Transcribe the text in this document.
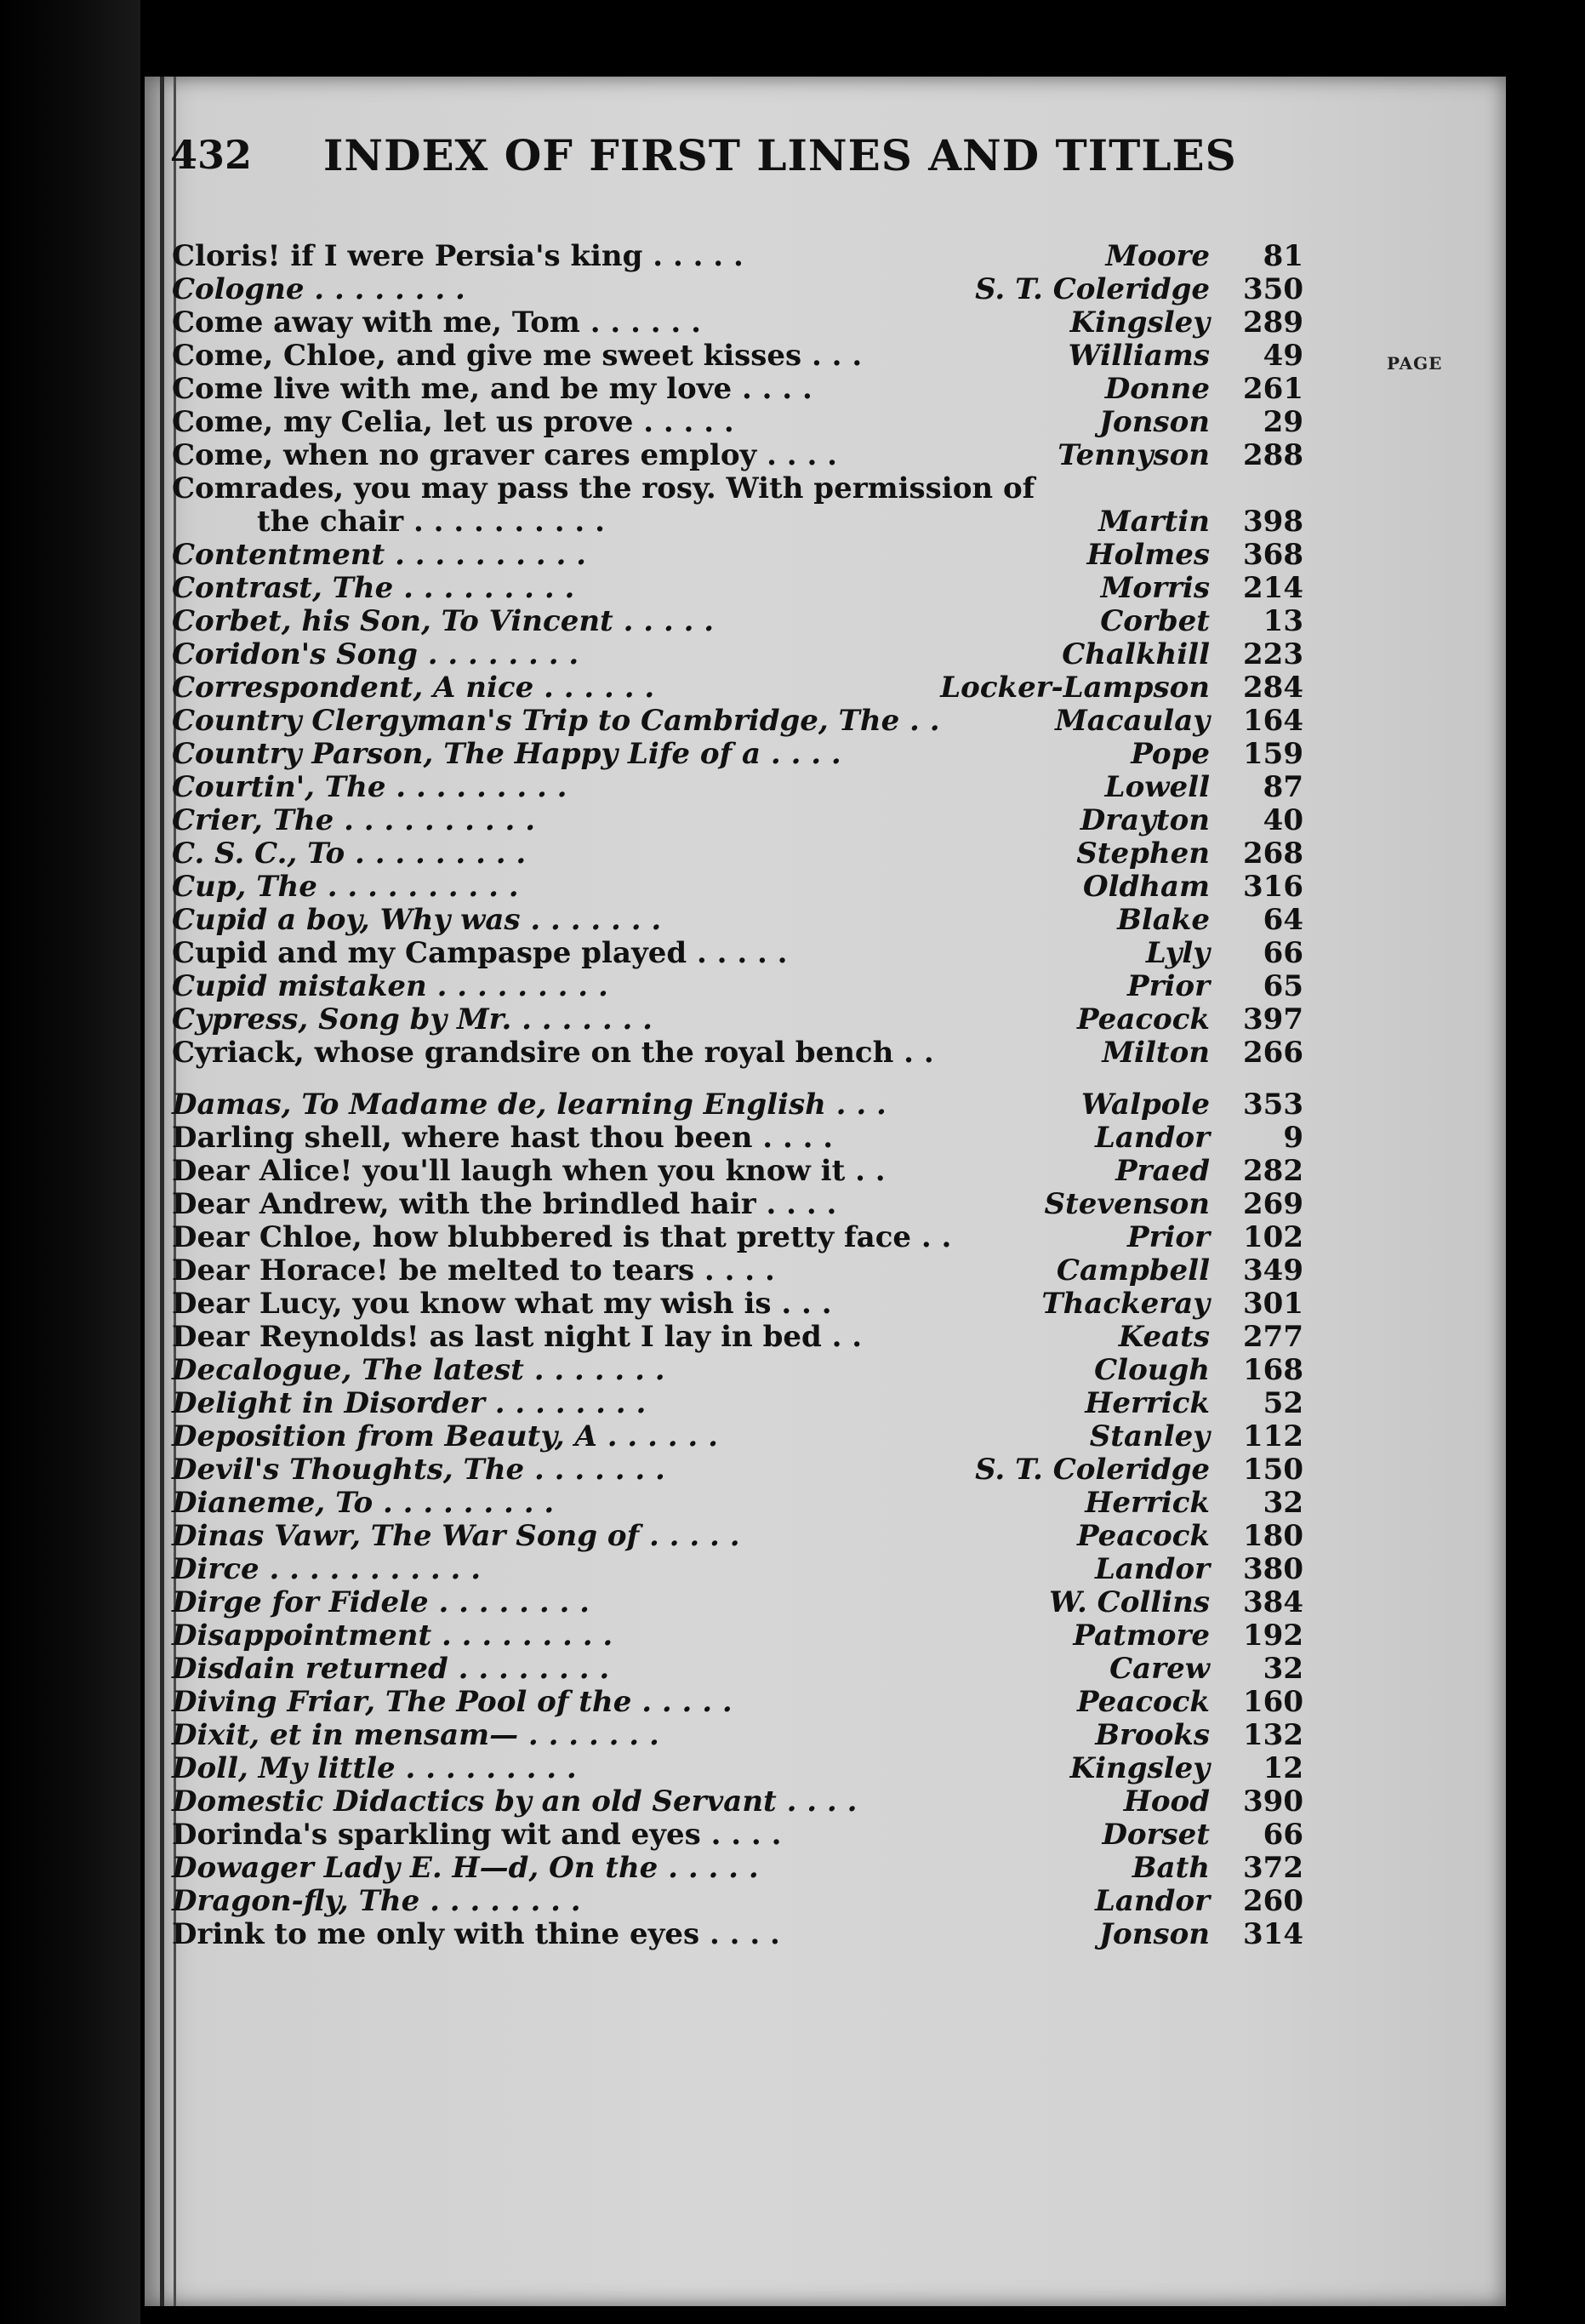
432 INDEX OF FIRST LINES AND TITLES
PAGE
Cloris! if I were Persia's king . . . . .	Moore	81
Cologne . . . . . . . .	S. T. Coleridge	350
Come away with me, Tom . . . . . .	Kingsley	289
Come, Chloe, and give me sweet kisses . . .	Williams	49
Come live with me, and be my love . . . .	Donne	261
Come, my Celia, let us prove . . . . .	Jonson	29
Come, when no graver cares employ . . . .	Tennyson	288
Comrades, you may pass the rosy. With permission of
the chair . . . . . . . . . .	Martin	398
Contentment . . . . . . . . . .	Holmes	368
Contrast, The . . . . . . . . .	Morris	214
Corbet, his Son, To Vincent . . . . .	Corbet	13
Coridon's Song . . . . . . . .	Chalkhill	223
Correspondent, A nice . . . . . .	Locker-Lampson	284
Country Clergyman's Trip to Cambridge, The . .	Macaulay	164
Country Parson, The Happy Life of a . . . .	Pope	159
Courtin', The . . . . . . . . .	Lowell	87
Crier, The . . . . . . . . . .	Drayton	40
C. S. C., To . . . . . . . . .	Stephen	268
Cup, The . . . . . . . . . .	Oldham	316
Cupid a boy, Why was . . . . . . .	Blake	64
Cupid and my Campaspe played . . . . .	Lyly	66
Cupid mistaken . . . . . . . . .	Prior	65
Cypress, Song by Mr. . . . . . . .	Peacock	397
Cyriack, whose grandsire on the royal bench . .	Milton	266
Damas, To Madame de, learning English . . .	Walpole	353
Darling shell, where hast thou been . . . .	Landor	9
Dear Alice! you'll laugh when you know it . .	Praed	282
Dear Andrew, with the brindled hair . . . .	Stevenson	269
Dear Chloe, how blubbered is that pretty face . .	Prior	102
Dear Horace! be melted to tears . . . .	Campbell	349
Dear Lucy, you know what my wish is . . .	Thackeray	301
Dear Reynolds! as last night I lay in bed . .	Keats	277
Decalogue, The latest . . . . . . .	Clough	168
Delight in Disorder . . . . . . . .	Herrick	52
Deposition from Beauty, A . . . . . .	Stanley	112
Devil's Thoughts, The . . . . . . .	S. T. Coleridge	150
Dianeme, To . . . . . . . . .	Herrick	32
Dinas Vawr, The War Song of . . . . .	Peacock	180
Dirce . . . . . . . . . . .	Landor	380
Dirge for Fidele . . . . . . . .	W. Collins	384
Disappointment . . . . . . . . .	Patmore	192
Disdain returned . . . . . . . .	Carew	32
Diving Friar, The Pool of the . . . . .	Peacock	160
Dixit, et in mensam— . . . . . . .	Brooks	132
Doll, My little . . . . . . . . .	Kingsley	12
Domestic Didactics by an old Servant . . . .	Hood	390
Dorinda's sparkling wit and eyes . . . .	Dorset	66
Dowager Lady E. H—d, On the . . . . .	Bath	372
Dragon-fly, The . . . . . . . .	Landor	260
Drink to me only with thine eyes . . . .	Jonson	314
